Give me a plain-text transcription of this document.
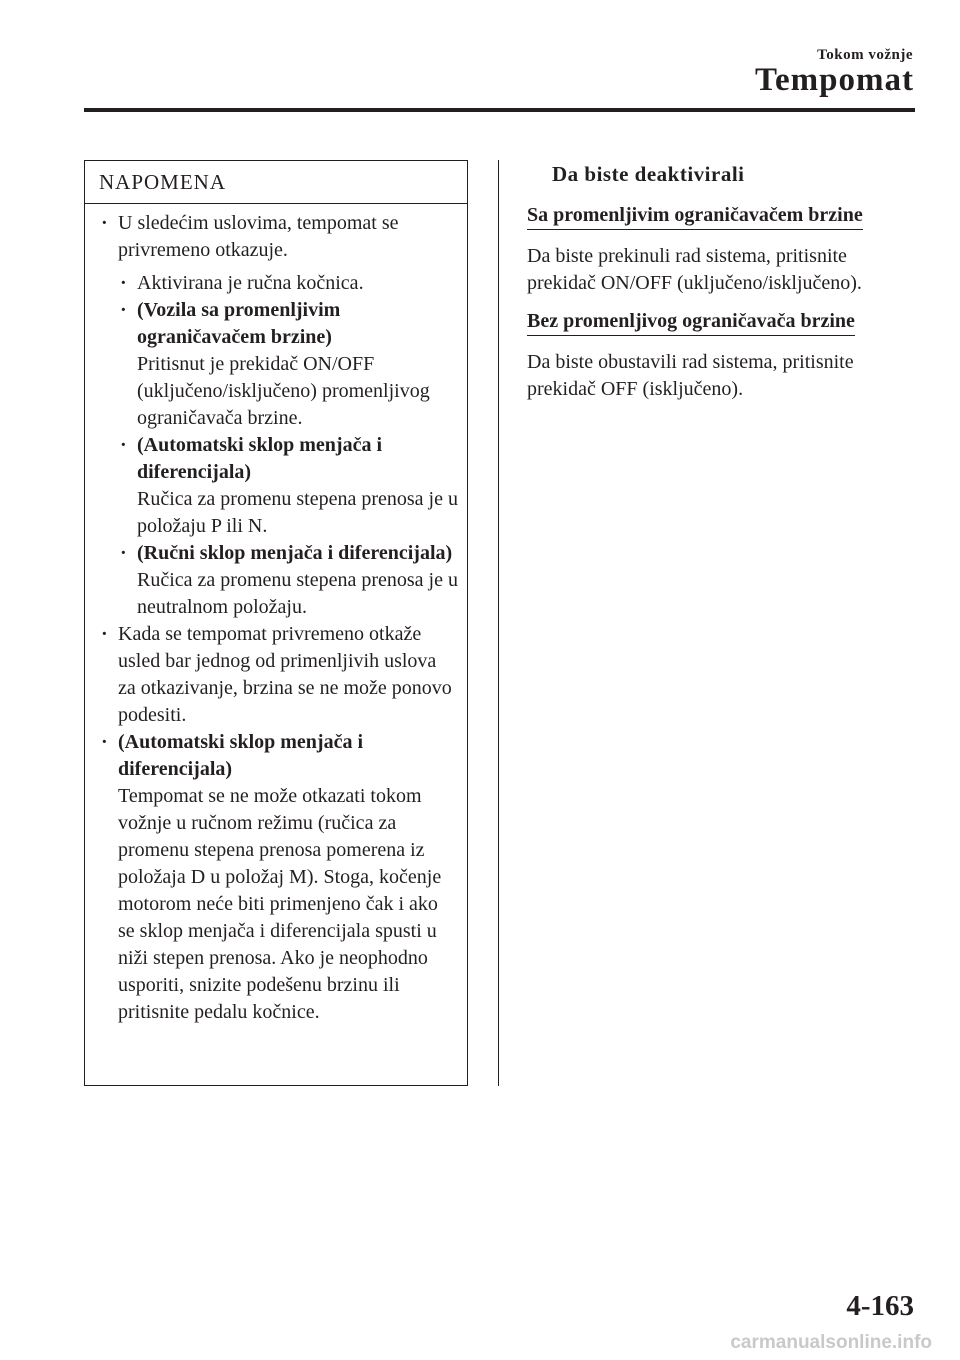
Tokom vožnje
Tempomat
NAPOMENA
· U sledećim uslovima, tempomat se privremeno otkazuje.
· Aktivirana je ručna kočnica.
· (Vozila sa promenljivim ograničavačem brzine)
Pritisnut je prekidač ON/OFF (uključeno/isključeno) promenljivog ograničavača brzine.
· (Automatski sklop menjača i diferencijala)
Ručica za promenu stepena prenosa je u položaju P ili N.
· (Ručni sklop menjača i diferencijala)
Ručica za promenu stepena prenosa je u neutralnom položaju.
· Kada se tempomat privremeno otkaže usled bar jednog od primenljivih uslova za otkazivanje, brzina se ne može ponovo podesiti.
· (Automatski sklop menjača i diferencijala)
Tempomat se ne može otkazati tokom vožnje u ručnom režimu (ručica za promenu stepena prenosa pomerena iz položaja D u položaj M). Stoga, kočenje motorom neće biti primenjeno čak i ako se sklop menjača i diferencijala spusti u niži stepen prenosa. Ako je neophodno usporiti, snizite podešenu brzinu ili pritisnite pedalu kočnice.
Da biste deaktivirali
Sa promenljivim ograničavačem brzine
Da biste prekinuli rad sistema, pritisnite prekidač ON/OFF (uključeno/isključeno).
Bez promenljivog ograničavača brzine
Da biste obustavili rad sistema, pritisnite prekidač OFF (isključeno).
4-163
carmanualsonline.info
